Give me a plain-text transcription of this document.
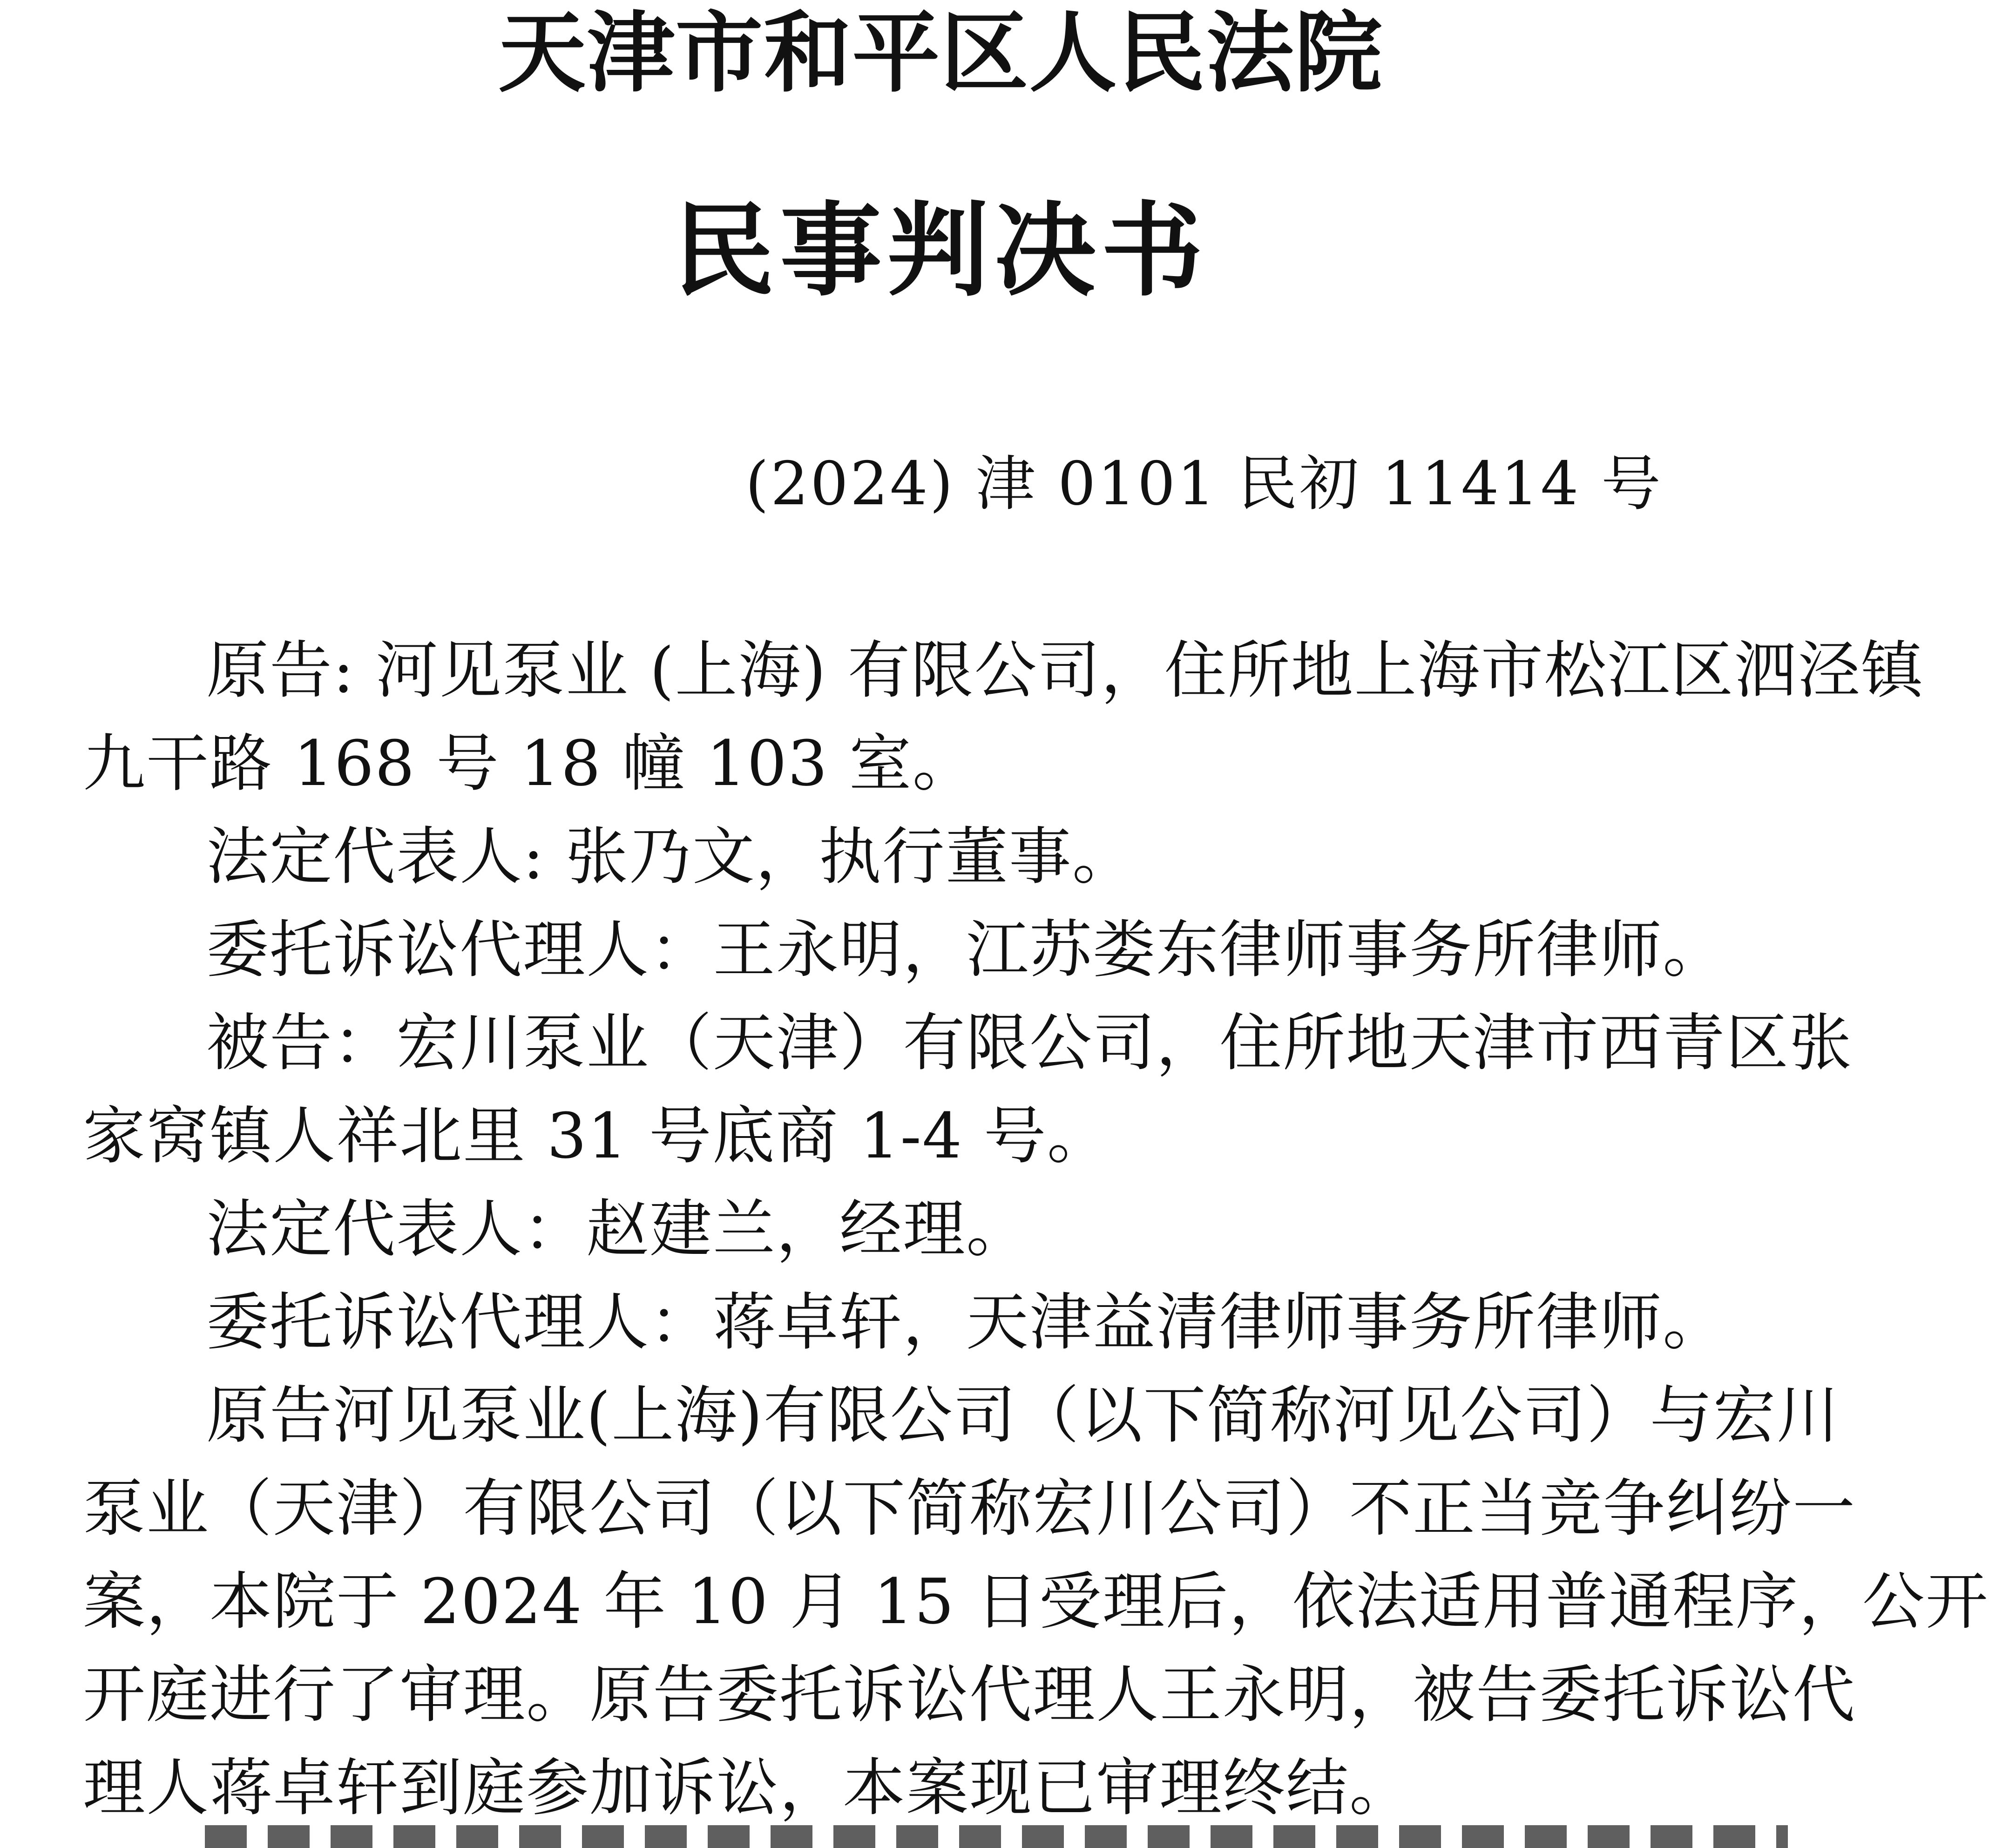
天津市和平区人民法院
民事判决书
(2024) 津 0101 民初 11414 号
原告: 河见泵业 (上海) 有限公司，住所地上海市松江区泗泾镇
九干路 168 号 18 幢 103 室。
法定代表人: 张乃文，执行董事。
委托诉讼代理人：王永明，江苏娄东律师事务所律师。
被告：宏川泵业（天津）有限公司，住所地天津市西青区张
家窝镇人祥北里 31 号底商 1-4 号。
法定代表人：赵建兰，经理。
委托诉讼代理人：蒋卓轩，天津益清律师事务所律师。
原告河见泵业(上海)有限公司（以下简称河见公司）与宏川
泵业（天津）有限公司（以下简称宏川公司）不正当竞争纠纷一
案，本院于 2024 年 10 月 15 日受理后，依法适用普通程序，公开
开庭进行了审理。原告委托诉讼代理人王永明，被告委托诉讼代
理人蒋卓轩到庭参加诉讼，本案现已审理终结。
